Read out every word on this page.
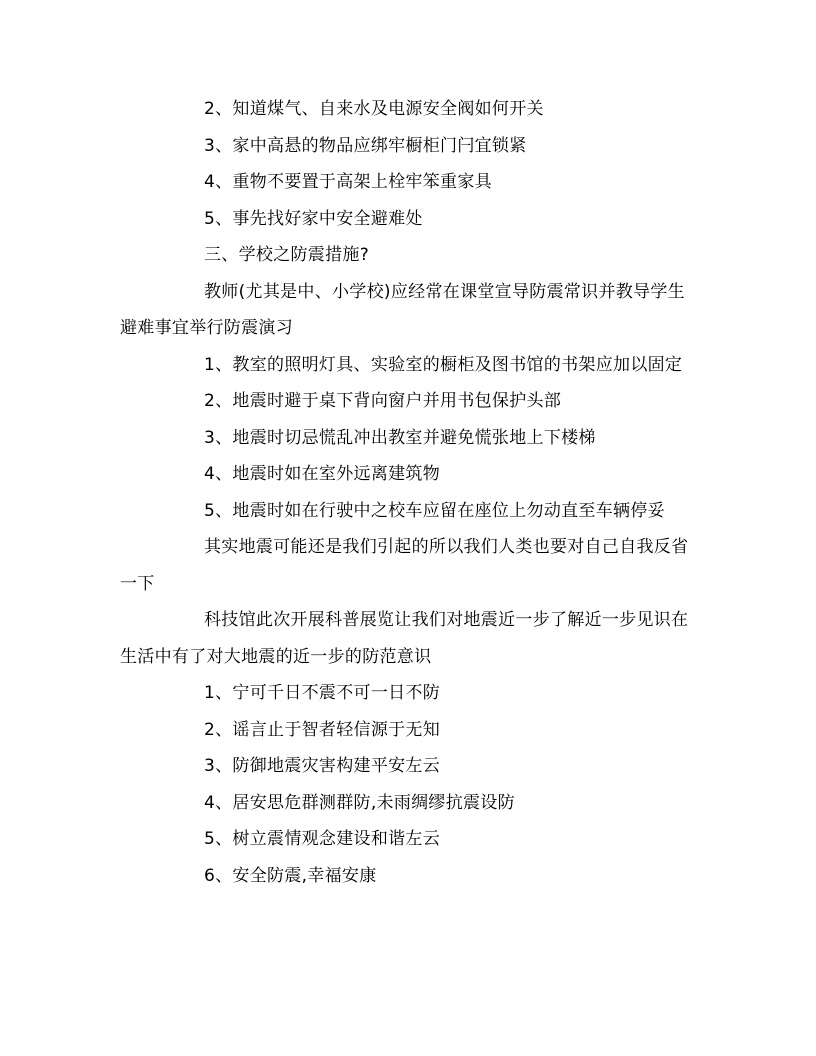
2、知道煤气、自来水及电源安全阀如何开关

3、家中高悬的物品应绑牢橱柜门闩宜锁紧

4、重物不要置于高架上栓牢笨重家具

5、事先找好家中安全避难处

三、学校之防震措施?

教师(尤其是中、小学校)应经常在课堂宣导防震常识并教导学生避难事宜举行防震演习

1、教室的照明灯具、实验室的橱柜及图书馆的书架应加以固定

2、地震时避于桌下背向窗户并用书包保护头部

3、地震时切忌慌乱冲出教室并避免慌张地上下楼梯

4、地震时如在室外远离建筑物

5、地震时如在行驶中之校车应留在座位上勿动直至车辆停妥

其实地震可能还是我们引起的所以我们人类也要对自己自我反省一下

科技馆此次开展科普展览让我们对地震近一步了解近一步见识在生活中有了对大地震的近一步的防范意识

1、宁可千日不震不可一日不防

2、谣言止于智者轻信源于无知

3、防御地震灾害构建平安左云

4、居安思危群测群防,未雨绸缪抗震设防

5、树立震情观念建设和谐左云

6、安全防震,幸福安康
